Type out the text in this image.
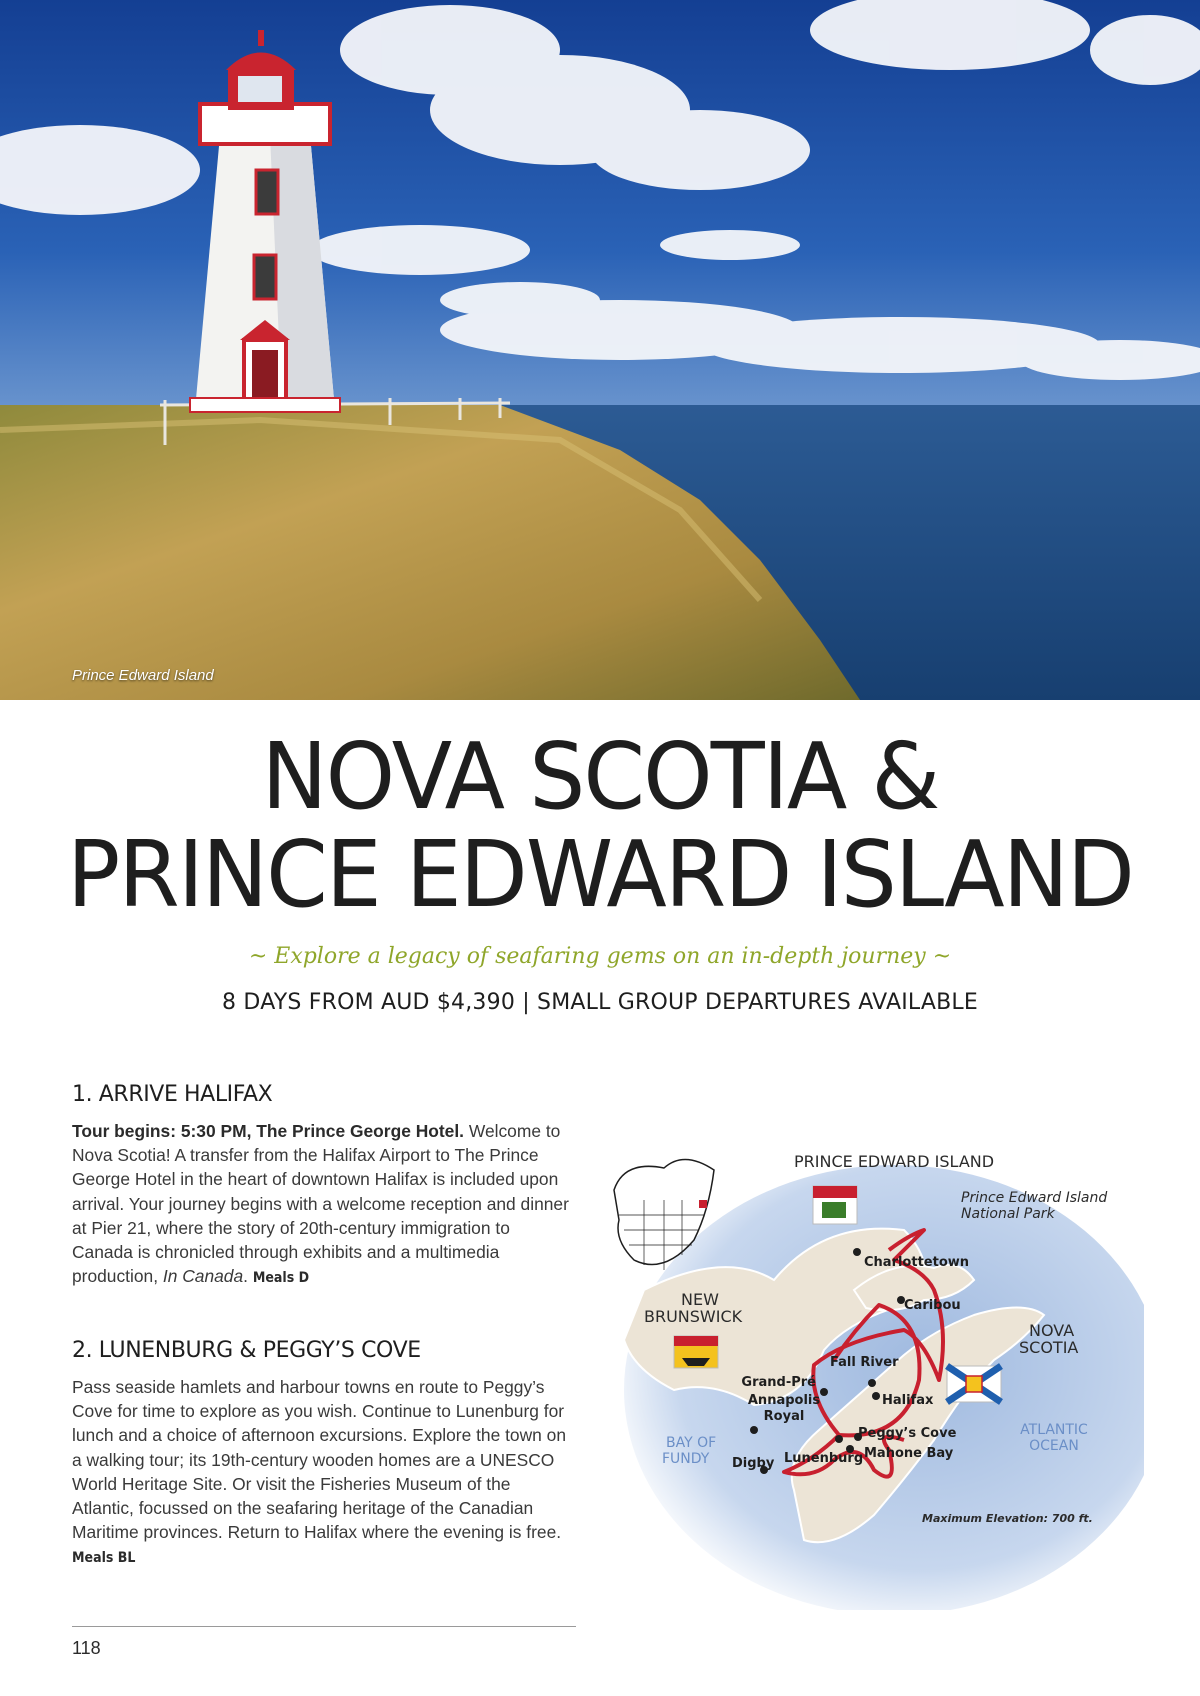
Prince Edward Island
NOVA SCOTIA &
PRINCE EDWARD ISLAND
~ Explore a legacy of seafaring gems on an in-depth journey ~
8 DAYS FROM AUD $4,390 | SMALL GROUP DEPARTURES AVAILABLE
1. ARRIVE HALIFAX

Tour begins: 5:30 PM, The Prince George Hotel. Welcome to Nova Scotia! A transfer from the Halifax Airport to The Prince George Hotel in the heart of downtown Halifax is included upon arrival. Your journey begins with a welcome reception and dinner at Pier 21, where the story of 20th-century immigration to Canada is chronicled through exhibits and a multimedia production, In Canada. Meals D

2. LUNENBURG & PEGGY’S COVE

Pass seaside hamlets and harbour towns en route to Peggy’s Cove for time to explore as you wish. Continue to Lunenburg for lunch and a choice of afternoon excursions. Explore the town on a walking tour; its 19th-century wooden homes are a UNESCO World Heritage Site. Or visit the Fisheries Museum of the Atlantic, focussed on the seafaring heritage of the Canadian Maritime provinces. Return to Halifax where the evening is free. Meals BL

PRINCE EDWARD ISLAND
Prince Edward Island
National Park
NEW
BRUNSWICK
NOVA
SCOTIA
Charlottetown
Caribou
Fall River
Grand-Pré
Annapolis
Royal
Halifax
Peggy’s Cove
Mahone Bay
Lunenburg
Digby
BAY OF
FUNDY
ATLANTIC
OCEAN
Maximum Elevation: 700 ft.
118
